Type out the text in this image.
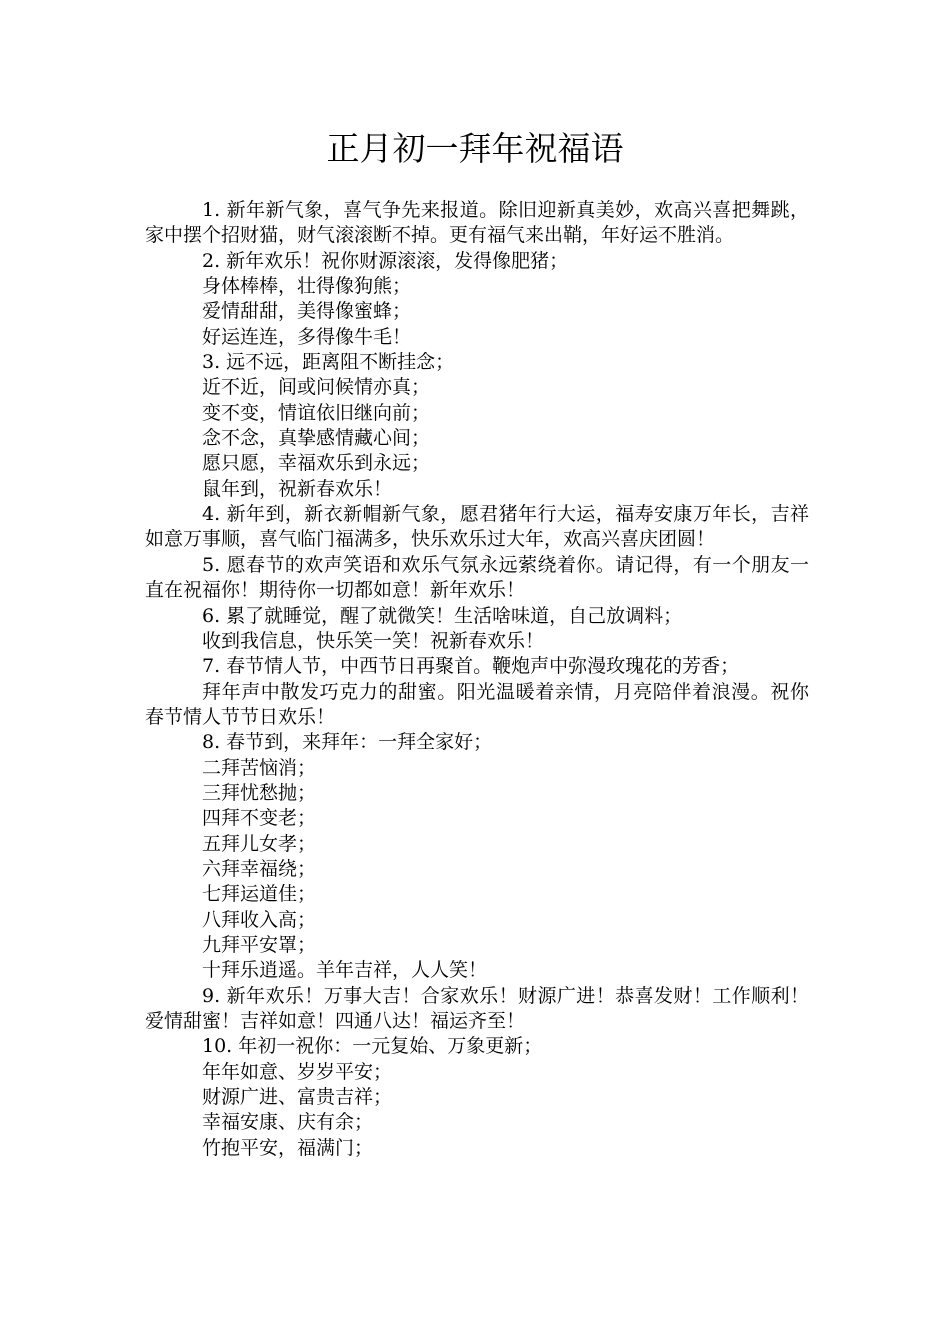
正月初一拜年祝福语

1. 新年新气象，喜气争先来报道。除旧迎新真美妙，欢高兴喜把舞跳，家中摆个招财猫，财气滚滚断不掉。更有福气来出鞘，年好运不胜消。

2. 新年欢乐！祝你财源滚滚，发得像肥猪；

身体棒棒，壮得像狗熊；

爱情甜甜，美得像蜜蜂；

好运连连，多得像牛毛！

3. 远不远，距离阻不断挂念；

近不近，间或问候情亦真；

变不变，情谊依旧继向前；

念不念，真挚感情藏心间；

愿只愿，幸福欢乐到永远；

鼠年到，祝新春欢乐！

4. 新年到，新衣新帽新气象，愿君猪年行大运，福寿安康万年长，吉祥如意万事顺，喜气临门福满多，快乐欢乐过大年，欢高兴喜庆团圆！

5. 愿春节的欢声笑语和欢乐气氛永远萦绕着你。请记得，有一个朋友一直在祝福你！期待你一切都如意！新年欢乐！

6. 累了就睡觉，醒了就微笑！生活啥味道，自己放调料；

收到我信息，快乐笑一笑！祝新春欢乐！

7. 春节情人节，中西节日再聚首。鞭炮声中弥漫玫瑰花的芳香；

拜年声中散发巧克力的甜蜜。阳光温暖着亲情，月亮陪伴着浪漫。祝你春节情人节节日欢乐！

8. 春节到，来拜年：一拜全家好；

二拜苦恼消；

三拜忧愁抛；

四拜不变老；

五拜儿女孝；

六拜幸福绕；

七拜运道佳；

八拜收入高；

九拜平安罩；

十拜乐逍遥。羊年吉祥，人人笑！

9. 新年欢乐！万事大吉！合家欢乐！财源广进！恭喜发财！工作顺利！爱情甜蜜！吉祥如意！四通八达！福运齐至！

10. 年初一祝你：一元复始、万象更新；

年年如意、岁岁平安；

财源广进、富贵吉祥；

幸福安康、庆有余；

竹抱平安，福满门；
